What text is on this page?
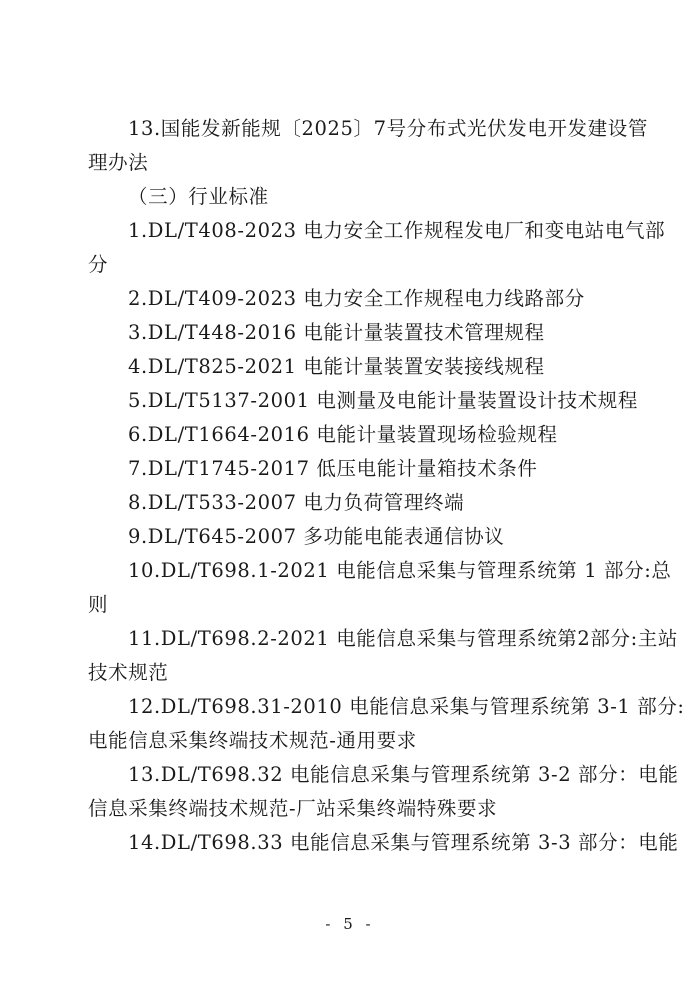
13.国能发新能规〔2025〕7号分布式光伏发电开发建设管
理办法
（三）行业标准
1.DL/T408-2023 电力安全工作规程发电厂和变电站电气部
分
2.DL/T409-2023 电力安全工作规程电力线路部分
3.DL/T448-2016 电能计量装置技术管理规程
4.DL/T825-2021 电能计量装置安装接线规程
5.DL/T5137-2001 电测量及电能计量装置设计技术规程
6.DL/T1664-2016 电能计量装置现场检验规程
7.DL/T1745-2017 低压电能计量箱技术条件
8.DL/T533-2007 电力负荷管理终端
9.DL/T645-2007 多功能电能表通信协议
10.DL/T698.1-2021 电能信息采集与管理系统第 1 部分:总
则
11.DL/T698.2-2021 电能信息采集与管理系统第2部分:主站
技术规范
12.DL/T698.31-2010 电能信息采集与管理系统第 3-1 部分:
电能信息采集终端技术规范-通用要求
13.DL/T698.32 电能信息采集与管理系统第 3-2 部分：电能
信息采集终端技术规范-厂站采集终端特殊要求
14.DL/T698.33 电能信息采集与管理系统第 3-3 部分：电能
- 5 -
